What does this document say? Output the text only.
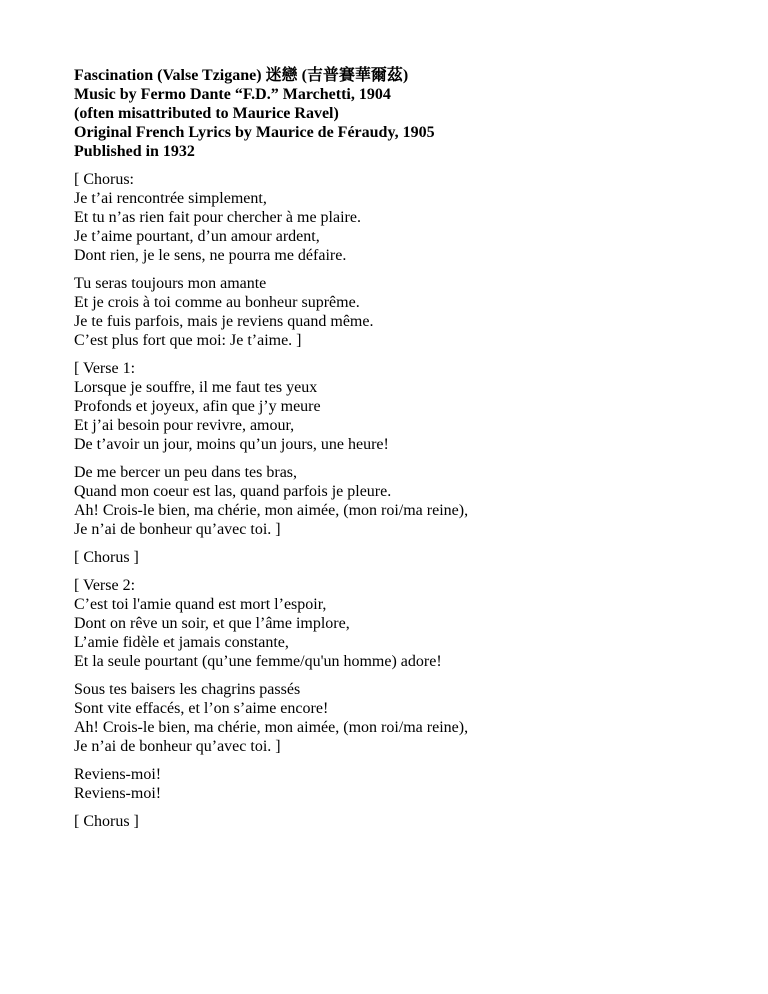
Fascination (Valse Tzigane) 迷戀 (吉普賽華爾茲)
Music by Fermo Dante “F.D.” Marchetti, 1904
(often misattributed to Maurice Ravel)
Original French Lyrics by Maurice de Féraudy, 1905
Published in 1932
[ Chorus:
Je t’ai rencontrée simplement,
Et tu n’as rien fait pour chercher à me plaire.
Je t’aime pourtant, d’un amour ardent,
Dont rien, je le sens, ne pourra me défaire.
Tu seras toujours mon amante
Et je crois à toi comme au bonheur suprême.
Je te fuis parfois, mais je reviens quand même.
C’est plus fort que moi: Je t’aime. ]
[ Verse 1:
Lorsque je souffre, il me faut tes yeux
Profonds et joyeux, afin que j’y meure
Et j’ai besoin pour revivre, amour,
De t’avoir un jour, moins qu’un jours, une heure!
De me bercer un peu dans tes bras,
Quand mon coeur est las, quand parfois je pleure.
Ah! Crois-le bien, ma chérie, mon aimée, (mon roi/ma reine),
Je n’ai de bonheur qu’avec toi. ]
[ Chorus ]
[ Verse 2:
C’est toi l'amie quand est mort l’espoir,
Dont on rêve un soir, et que l’âme implore,
L’amie fidèle et jamais constante,
Et la seule pourtant (qu’une femme/qu'un homme) adore!
Sous tes baisers les chagrins passés
Sont vite effacés, et l’on s’aime encore!
Ah! Crois-le bien, ma chérie, mon aimée, (mon roi/ma reine),
Je n’ai de bonheur qu’avec toi. ]
Reviens-moi!
Reviens-moi!
[ Chorus ]
